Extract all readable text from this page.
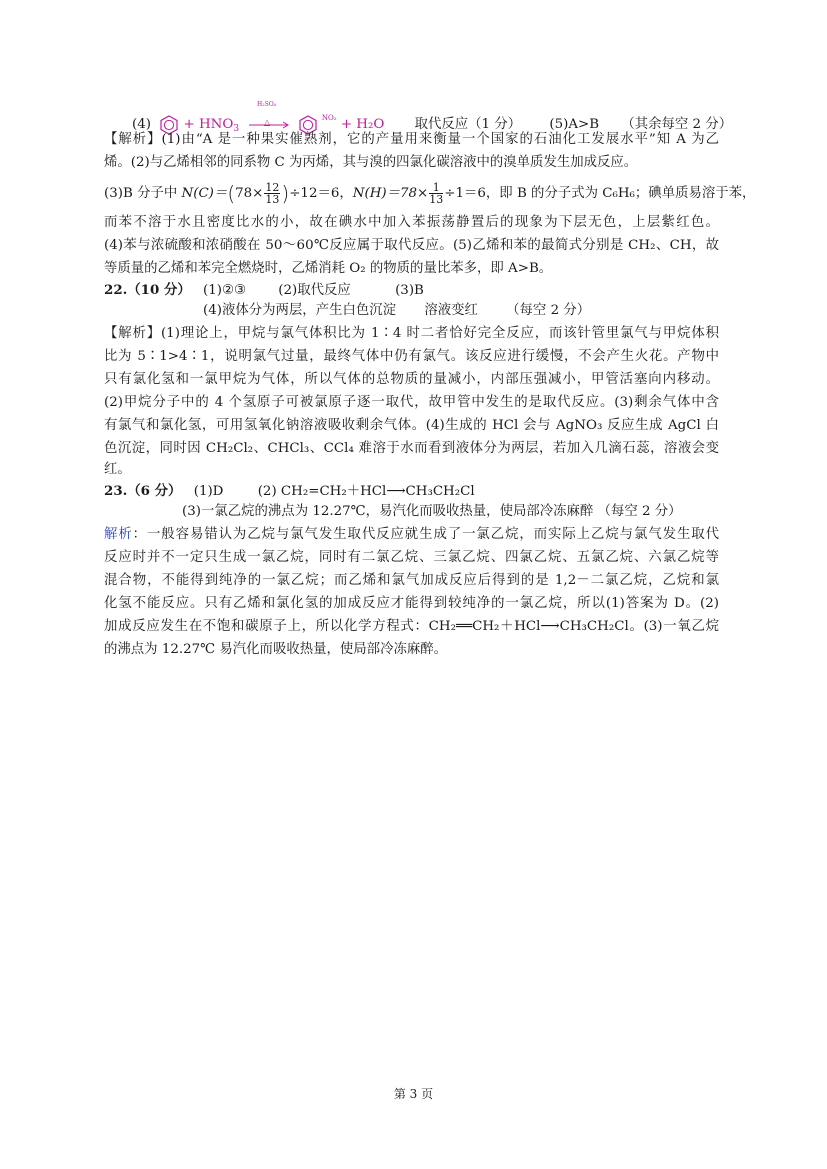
$(4) + HNO_3$ →
H₂SO₄
△	$^{NO_2}$ + H₂O 取代反应（1 分） (5)A>B （其余每空 2 分）
【解析】(1)由“A 是一种果实催熟剂，它的产量用来衡量一个国家的石油化工发展水平”知 A 为乙
烯。(2)与乙烯相邻的同系物 C 为丙烯，其与溴的四氯化碳溶液中的溴单质发生加成反应。
(3)B 分子中 $N(C)=(78\times \frac{12}{13} )\div 12=6$，$N(H)=78\times \frac{1}{13} \div 1=6$，即 B 的分子式为 C₆H₆；碘单质易溶于苯，
而苯不溶于水且密度比水的小，故在碘水中加入苯振荡静置后的现象为下层无色，上层紫红色。
(4)苯与浓硫酸和浓硝酸在 50～60℃反应属于取代反应。(5)乙烯和苯的最简式分别是 CH₂、CH，故
等质量的乙烯和苯完全燃烧时，乙烯消耗 O₂ 的物质的量比苯多，即 A>B。
22.（10 分） (1)②③ (2)取代反应	(3)B
(4)液体分为两层，产生白色沉淀 溶液变红 （每空 2 分）
【解析】(1)理论上，甲烷与氯气体积比为 1∶4 时二者恰好完全反应，而该针管里氯气与甲烷体积
比为 5∶1>4∶1，说明氯气过量，最终气体中仍有氯气。该反应进行缓慢，不会产生火花。产物中
只有氯化氢和一氯甲烷为气体，所以气体的总物质的量减小，内部压强减小，甲管活塞向内移动。
(2)甲烷分子中的 4 个氢原子可被氯原子逐一取代，故甲管中发生的是取代反应。(3)剩余气体中含
有氯气和氯化氢，可用氢氧化钠溶液吸收剩余气体。(4)生成的 HCl 会与 AgNO₃ 反应生成 AgCl 白
色沉淀，同时因 CH₂Cl₂、CHCl₃、CCl₄ 难溶于水而看到液体分为两层，若加入几滴石蕊，溶液会变
红。
23.（6 分） (1)D	(2) CH₂=CH₂＋HCl⟶CH₃CH₂Cl
(3)一氯乙烷的沸点为 12.27℃，易汽化而吸收热量，使局部冷冻麻醉 （每空 2 分）
解析：一般容易错认为乙烷与氯气发生取代反应就生成了一氯乙烷，而实际上乙烷与氯气发生取代
反应时并不一定只生成一氯乙烷，同时有二氯乙烷、三氯乙烷、四氯乙烷、五氯乙烷、六氯乙烷等
混合物，不能得到纯净的一氯乙烷；而乙烯和氯气加成反应后得到的是 1,2－二氯乙烷，乙烷和氯
化氢不能反应。只有乙烯和氯化氢的加成反应才能得到较纯净的一氯乙烷，所以(1)答案为 D。(2)
加成反应发生在不饱和碳原子上，所以化学方程式：CH₂══CH₂＋HCl⟶CH₃CH₂Cl。(3)一氧乙烷
的沸点为 12.27℃ 易汽化而吸收热量，使局部冷冻麻醉。
第 3 页
